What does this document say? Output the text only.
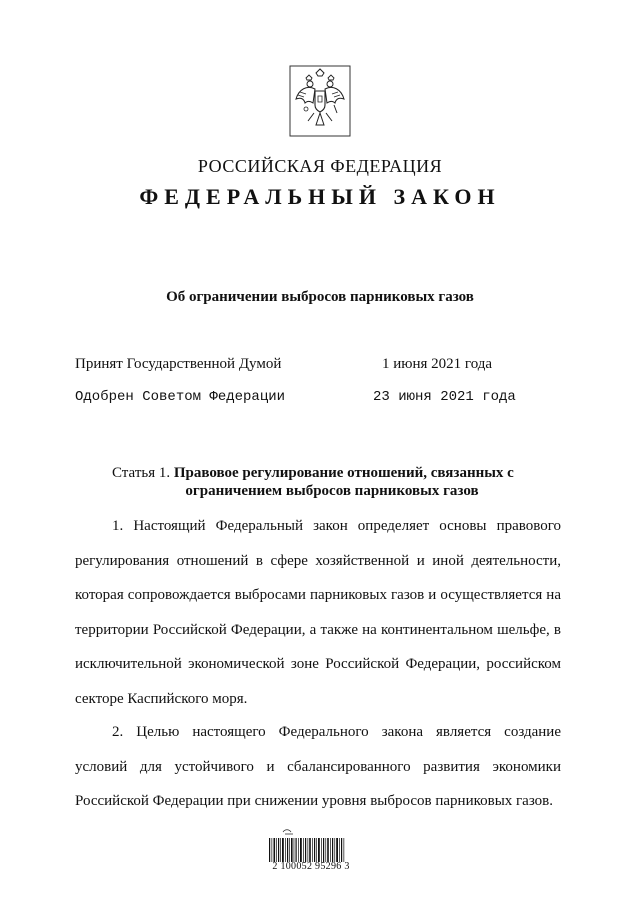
РОССИЙСКАЯ ФЕДЕРАЦИЯ
ФЕДЕРАЛЬНЫЙ ЗАКОН
Об ограничении выбросов парниковых газов
Принят Государственной Думой	1 июня 2021 года
Одобрен Советом Федерации	23 июня 2021 года
Статья 1. Правовое регулирование отношений, связанных с
ограничением выбросов парниковых газов
1. Настоящий Федеральный закон определяет основы правового регулирования отношений в сфере хозяйственной и иной деятельности, которая сопровождается выбросами парниковых газов и осуществляется на территории Российской Федерации, а также на континентальном шельфе, в исключительной экономической зоне Российской Федерации, российском секторе Каспийского моря.
2. Целью настоящего Федерального закона является создание условий для устойчивого и сбалансированного развития экономики Российской Федерации при снижении уровня выбросов парниковых газов.
2 100052 95296 3
